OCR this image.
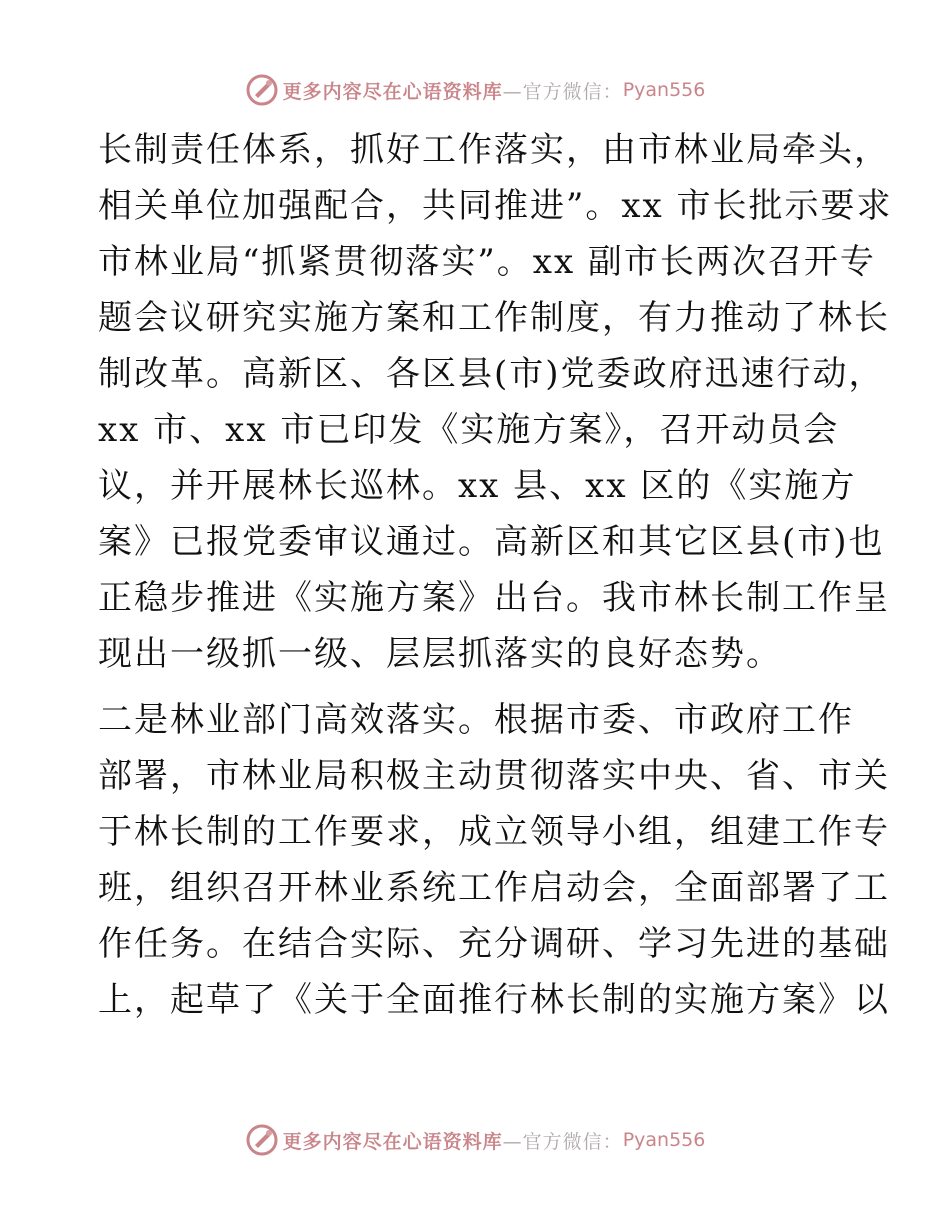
更多内容尽在心语资料库 —官方微信： Pyan556
长制责任体系，抓好工作落实，由市林业局牵头，
相关单位加强配合，共同推进”。xx 市长批示要求
市林业局“抓紧贯彻落实”。xx 副市长两次召开专
题会议研究实施方案和工作制度，有力推动了林长
制改革。高新区、各区县(市)党委政府迅速行动，
xx 市、xx 市已印发《实施方案》，召开动员会
议，并开展林长巡林。xx 县、xx 区的《实施方
案》已报党委审议通过。高新区和其它区县(市)也
正稳步推进《实施方案》出台。我市林长制工作呈
现出一级抓一级、层层抓落实的良好态势。
二是林业部门高效落实。根据市委、市政府工作
部署，市林业局积极主动贯彻落实中央、省、市关
于林长制的工作要求，成立领导小组，组建工作专
班，组织召开林业系统工作启动会，全面部署了工
作任务。在结合实际、充分调研、学习先进的基础
上，起草了《关于全面推行林长制的实施方案》以
更多内容尽在心语资料库 —官方微信： Pyan556
